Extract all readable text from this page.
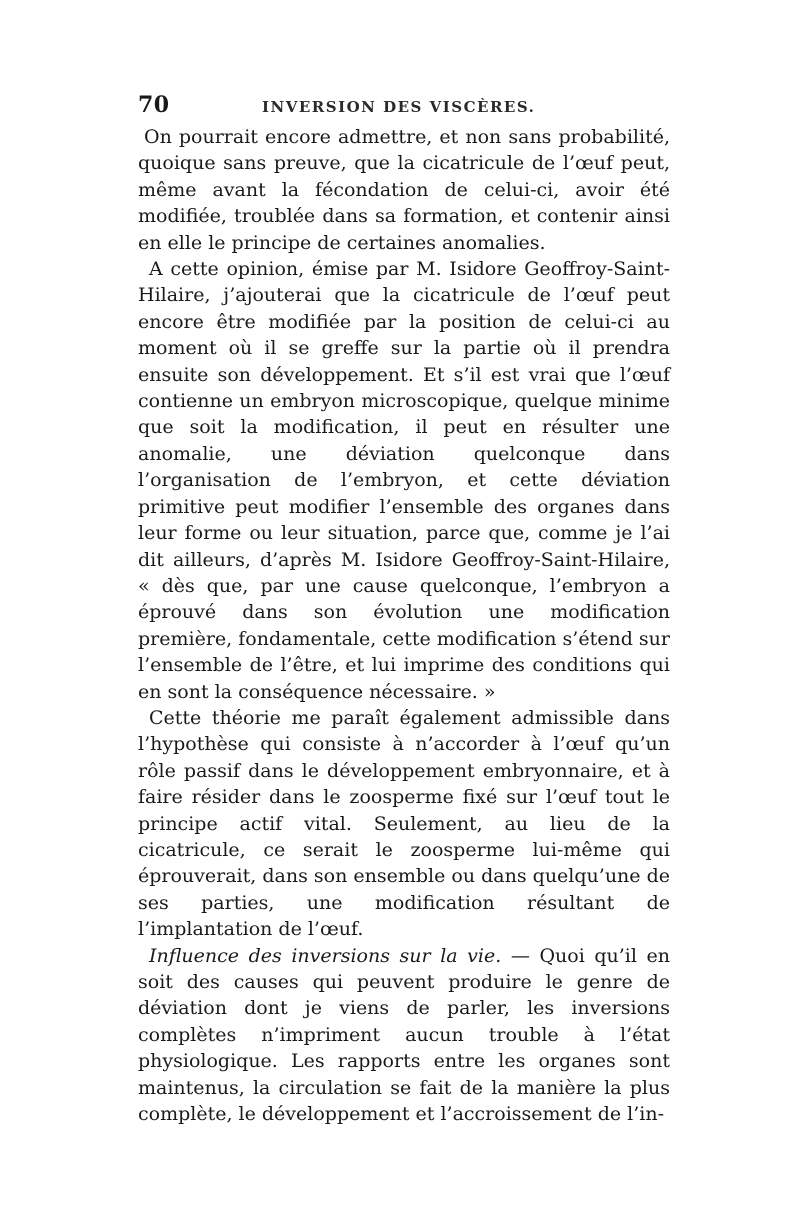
70	INVERSION DES VISCÈRES.

On pourrait encore admettre, et non sans probabilité, quoique sans preuve, que la cicatricule de l’œuf peut, même avant la fécondation de celui-ci, avoir été modifiée, troublée dans sa formation, et contenir ainsi en elle le principe de certaines anomalies.

A cette opinion, émise par M. Isidore Geoffroy-Saint-Hilaire, j’ajouterai que la cicatricule de l’œuf peut encore être modifiée par la position de celui-ci au moment où il se greffe sur la partie où il prendra ensuite son développement. Et s’il est vrai que l’œuf contienne un embryon microscopique, quelque minime que soit la modification, il peut en résulter une anomalie, une déviation quelconque dans l’organisation de l’embryon, et cette déviation primitive peut modifier l’ensemble des organes dans leur forme ou leur situation, parce que, comme je l’ai dit ailleurs, d’après M. Isidore Geoffroy-Saint-Hilaire, « dès que, par une cause quelconque, l’embryon a éprouvé dans son évolution une modification première, fondamentale, cette modification s’étend sur l’ensemble de l’être, et lui imprime des conditions qui en sont la conséquence nécessaire. »

Cette théorie me paraît également admissible dans l’hypothèse qui consiste à n’accorder à l’œuf qu’un rôle passif dans le développement embryonnaire, et à faire résider dans le zoosperme fixé sur l’œuf tout le principe actif vital. Seulement, au lieu de la cicatricule, ce serait le zoosperme lui-même qui éprouverait, dans son ensemble ou dans quelqu’une de ses parties, une modification résultant de l’implantation de l’œuf.

Influence des inversions sur la vie. — Quoi qu’il en soit des causes qui peuvent produire le genre de déviation dont je viens de parler, les inversions complètes n’impriment aucun trouble à l’état physiologique. Les rapports entre les organes sont maintenus, la circulation se fait de la manière la plus complète, le développement et l’accroissement de l’in-
